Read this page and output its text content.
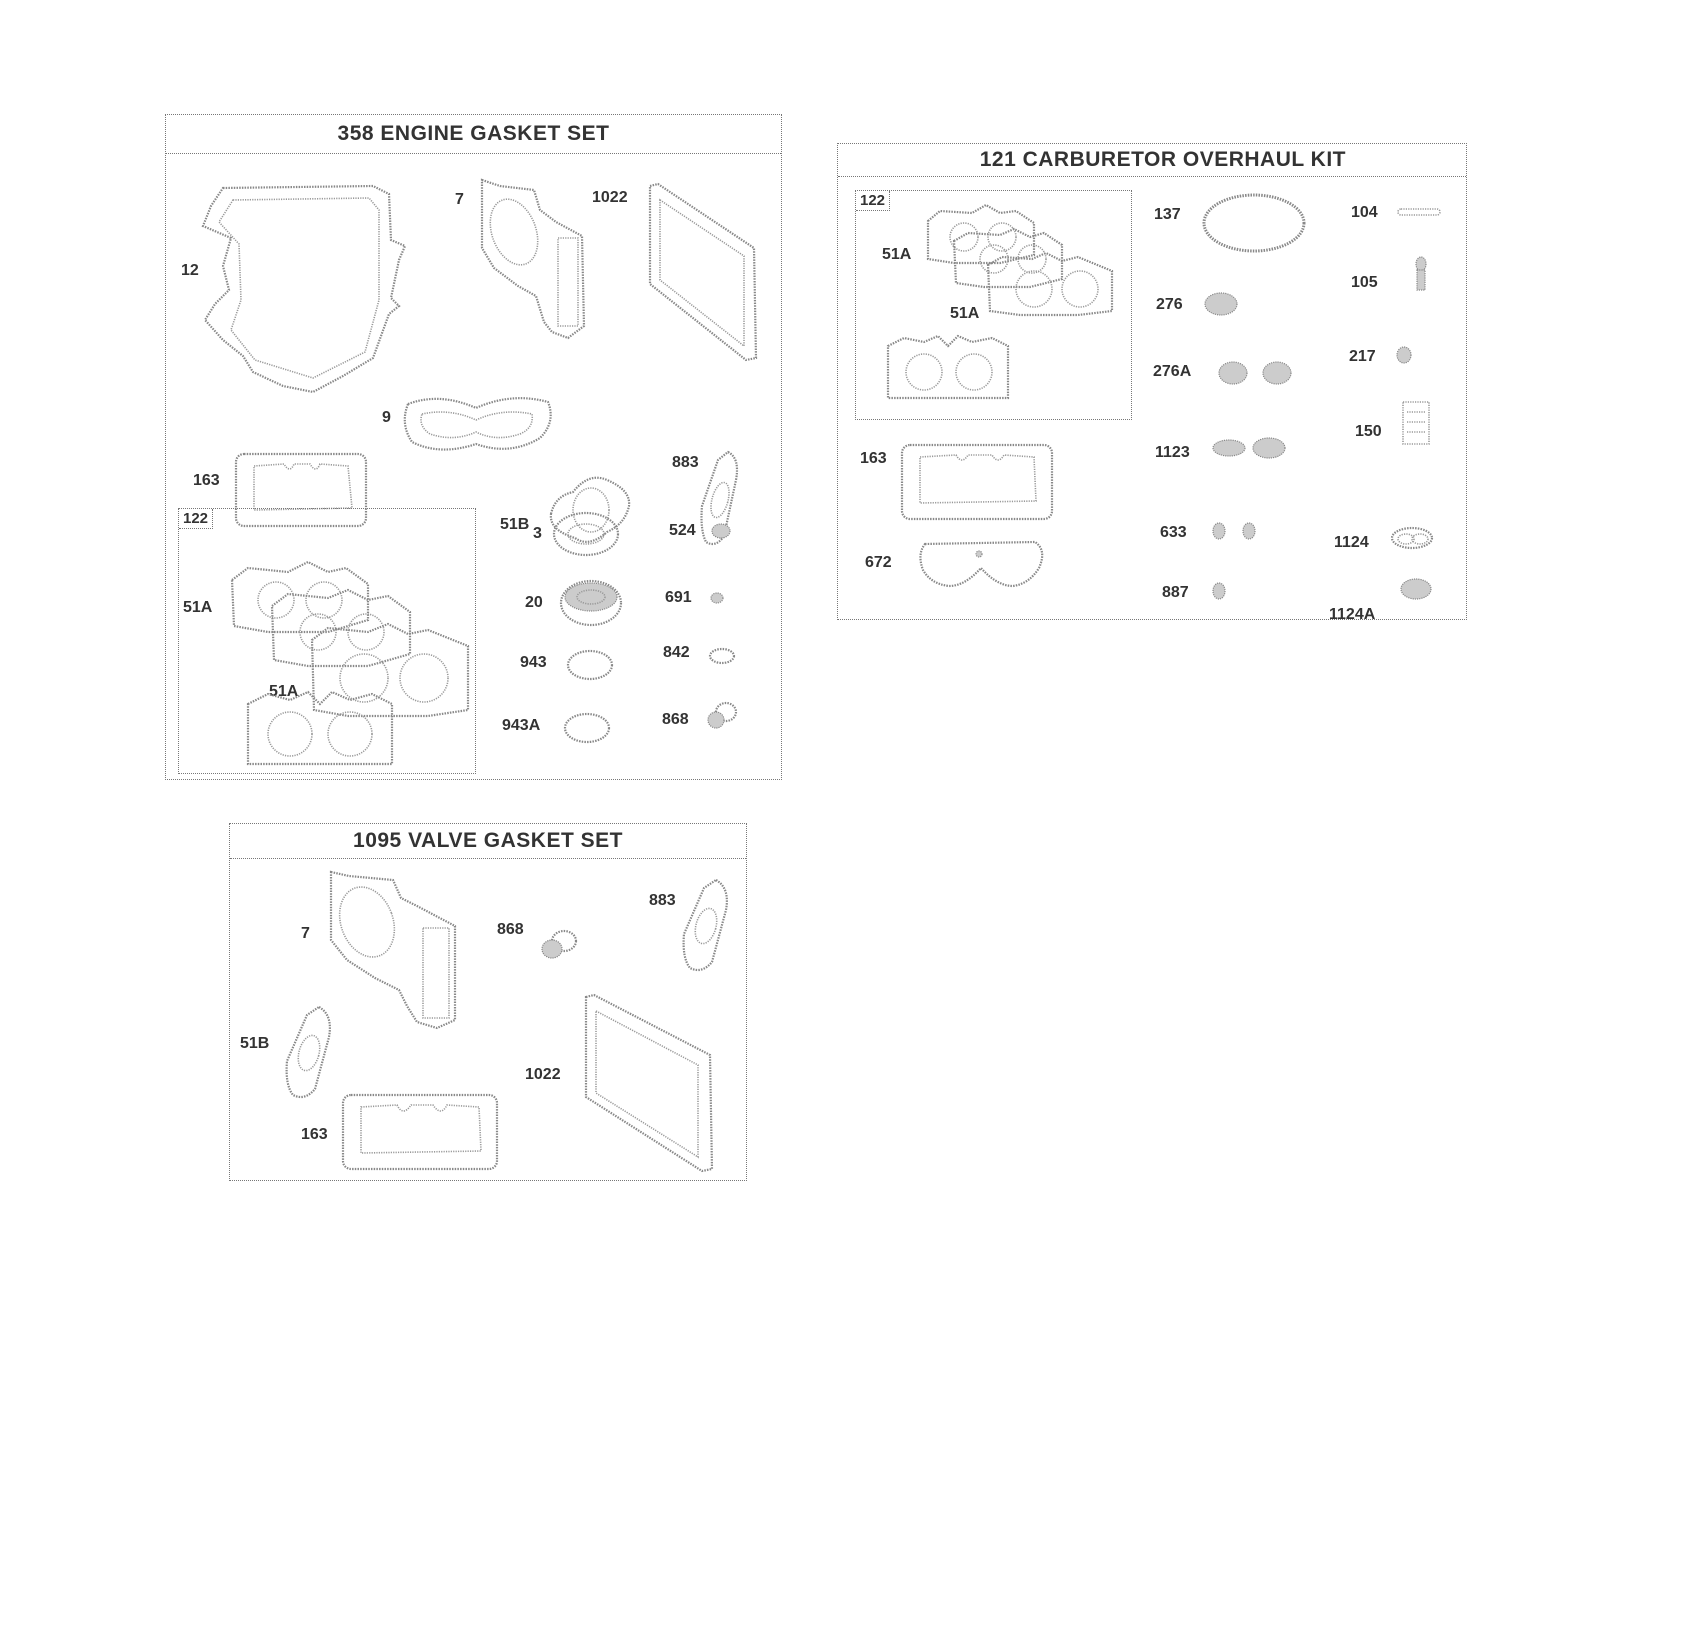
358 ENGINE GASKET SET
12
7	1022
9
163
51B
883
122
51A
51A
3
20
943
943A
524
691
842
868
121 CARBURETOR OVERHAUL KIT
122
51A
51A
163
672
137
276
276A
1123
633
887
104
105
217
150
1124
1124A
1095 VALVE GASKET SET
7	868
883
51B
1022
163
